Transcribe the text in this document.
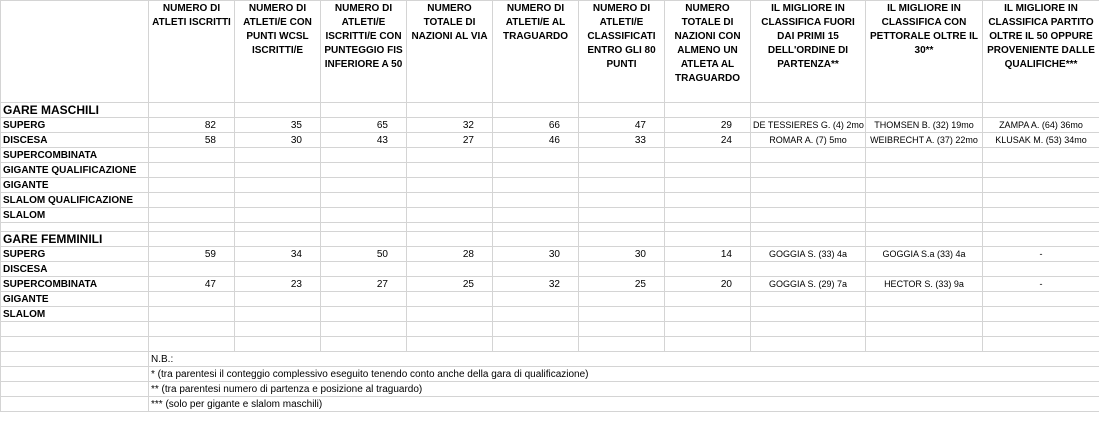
	NUMERO DI ATLETI ISCRITTI	NUMERO DI ATLETI/E CON PUNTI WCSL ISCRITTI/E	NUMERO DI ATLETI/E ISCRITTI/E CON PUNTEGGIO FIS INFERIORE A 50	NUMERO TOTALE DI NAZIONI AL VIA	NUMERO DI ATLETI/E AL TRAGUARDO	NUMERO DI ATLETI/E CLASSIFICATI ENTRO GLI 80 PUNTI	NUMERO TOTALE DI NAZIONI CON ALMENO UN ATLETA AL TRAGUARDO	IL MIGLIORE IN CLASSIFICA FUORI DAI PRIMI 15 DELL'ORDINE DI PARTENZA**	IL MIGLIORE IN CLASSIFICA CON PETTORALE OLTRE IL 30**	IL MIGLIORE IN CLASSIFICA PARTITO OLTRE IL 50 OPPURE PROVENIENTE DALLE QUALIFICHE***
GARE MASCHILI										
SUPERG	82	35	65	32	66	47	29	DE TESSIERES G. (4) 2mo	THOMSEN B. (32) 19mo	ZAMPA A. (64) 36mo
DISCESA	58	30	43	27	46	33	24	ROMAR A. (7) 5mo	WEIBRECHT A. (37) 22mo	KLUSAK M. (53) 34mo
SUPERCOMBINATA										
GIGANTE QUALIFICAZIONE										
GIGANTE										
SLALOM QUALIFICAZIONE										
SLALOM										

GARE FEMMINILI										
SUPERG	59	34	50	28	30	30	14	GOGGIA S. (33) 4a	GOGGIA S.a (33) 4a	-
DISCESA										
SUPERCOMBINATA	47	23	27	25	32	25	20	GOGGIA S. (29) 7a	HECTOR S. (33) 9a	-
GIGANTE										
SLALOM										

	N.B.:									
	* (tra parentesi il conteggio complessivo eseguito tenendo conto anche della gara di qualificazione)									
	** (tra parentesi numero di partenza e posizione al traguardo)									
	*** (solo per gigante e slalom maschili)									
